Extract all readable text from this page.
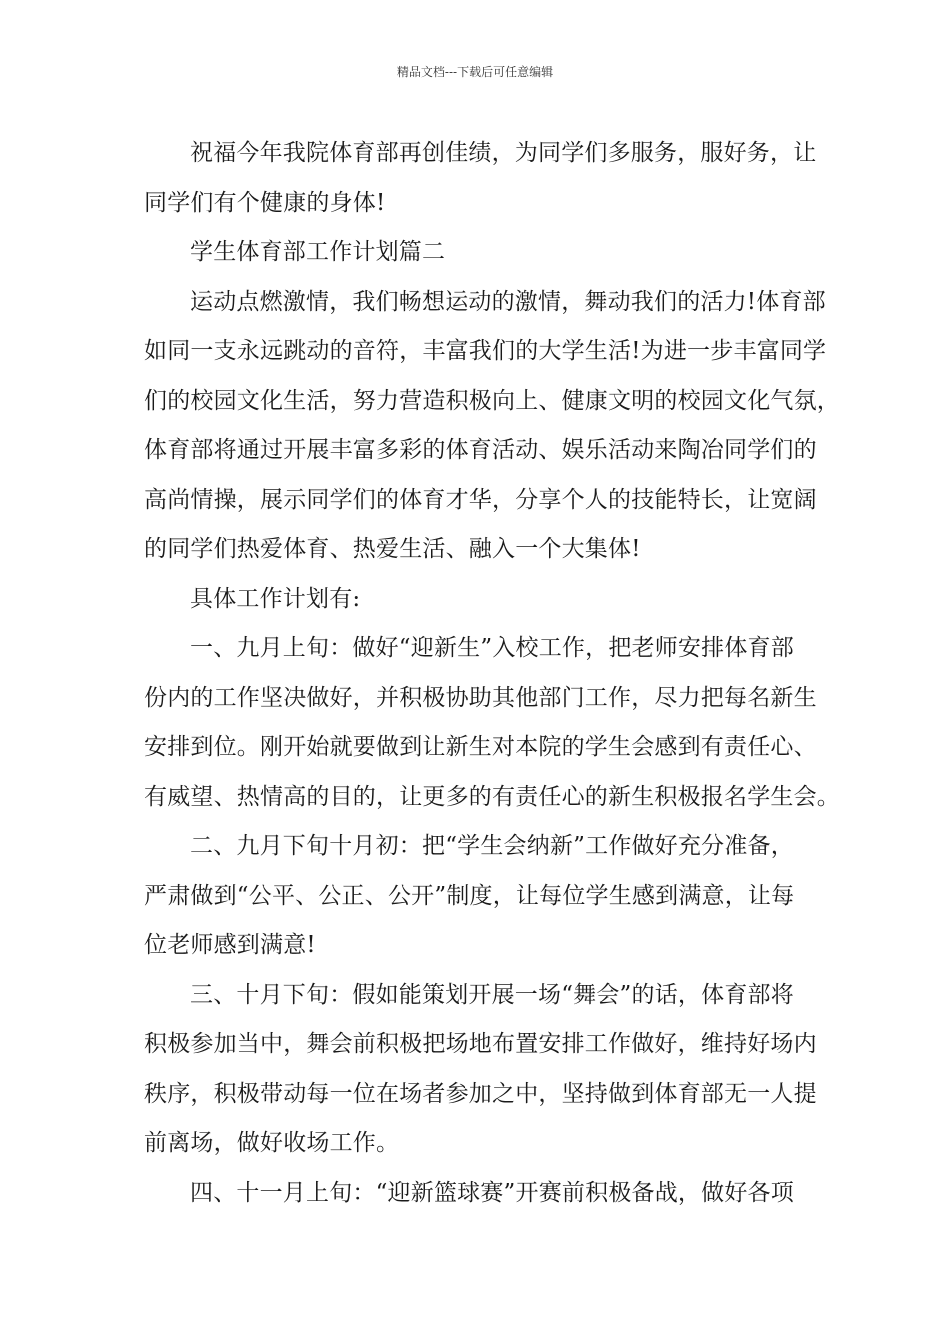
精品文档---下载后可任意编辑
祝福今年我院体育部再创佳绩，为同学们多服务，服好务，让
同学们有个健康的身体!
学生体育部工作计划篇二
运动点燃激情，我们畅想运动的激情，舞动我们的活力!体育部
如同一支永远跳动的音符，丰富我们的大学生活!为进一步丰富同学
们的校园文化生活，努力营造积极向上、健康文明的校园文化气氛，
体育部将通过开展丰富多彩的体育活动、娱乐活动来陶冶同学们的
高尚情操，展示同学们的体育才华，分享个人的技能特长，让宽阔
的同学们热爱体育、热爱生活、融入一个大集体!
具体工作计划有:
一、九月上旬：做好“迎新生”入校工作，把老师安排体育部
份内的工作坚决做好，并积极协助其他部门工作，尽力把每名新生
安排到位。刚开始就要做到让新生对本院的学生会感到有责任心、
有威望、热情高的目的，让更多的有责任心的新生积极报名学生会。
二、九月下旬十月初：把“学生会纳新”工作做好充分准备，
严肃做到“公平、公正、公开”制度，让每位学生感到满意，让每
位老师感到满意!
三、十月下旬：假如能策划开展一场“舞会”的话，体育部将
积极参加当中，舞会前积极把场地布置安排工作做好，维持好场内
秩序，积极带动每一位在场者参加之中，坚持做到体育部无一人提
前离场，做好收场工作。
四、十一月上旬：“迎新篮球赛”开赛前积极备战，做好各项
